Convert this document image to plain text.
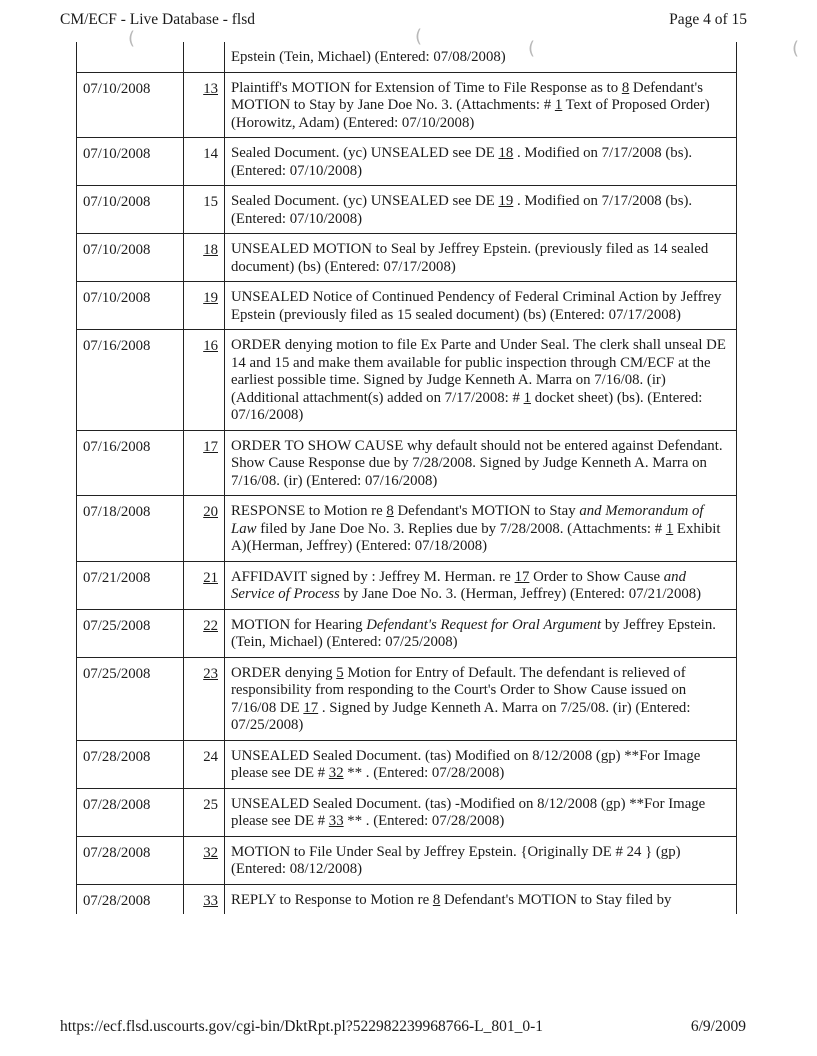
CM/ECF - Live Database - flsd	Page 4 of 15
(	(
(	(
		Epstein (Tein, Michael) (Entered: 07/08/2008)
07/10/2008	13	Plaintiff's MOTION for Extension of Time to File Response as to 8 Defendant's MOTION to Stay by Jane Doe No. 3. (Attachments: # 1 Text of Proposed Order)(Horowitz, Adam) (Entered: 07/10/2008)
07/10/2008	14	Sealed Document. (yc) UNSEALED see DE 18 . Modified on 7/17/2008 (bs). (Entered: 07/10/2008)
07/10/2008	15	Sealed Document. (yc) UNSEALED see DE 19 . Modified on 7/17/2008 (bs). (Entered: 07/10/2008)
07/10/2008	18	UNSEALED MOTION to Seal by Jeffrey Epstein. (previously filed as 14 sealed document) (bs) (Entered: 07/17/2008)
07/10/2008	19	UNSEALED Notice of Continued Pendency of Federal Criminal Action by Jeffrey Epstein (previously filed as 15 sealed document) (bs) (Entered: 07/17/2008)
07/16/2008	16	ORDER denying motion to file Ex Parte and Under Seal. The clerk shall unseal DE 14 and 15 and make them available for public inspection through CM/ECF at the earliest possible time. Signed by Judge Kenneth A. Marra on 7/16/08. (ir) (Additional attachment(s) added on 7/17/2008: # 1 docket sheet) (bs). (Entered: 07/16/2008)
07/16/2008	17	ORDER TO SHOW CAUSE why default should not be entered against Defendant. Show Cause Response due by 7/28/2008. Signed by Judge Kenneth A. Marra on 7/16/08. (ir) (Entered: 07/16/2008)
07/18/2008	20	RESPONSE to Motion re 8 Defendant's MOTION to Stay and Memorandum of Law filed by Jane Doe No. 3. Replies due by 7/28/2008. (Attachments: # 1 Exhibit A)(Herman, Jeffrey) (Entered: 07/18/2008)
07/21/2008	21	AFFIDAVIT signed by : Jeffrey M. Herman. re 17 Order to Show Cause and Service of Process by Jane Doe No. 3. (Herman, Jeffrey) (Entered: 07/21/2008)
07/25/2008	22	MOTION for Hearing Defendant's Request for Oral Argument by Jeffrey Epstein. (Tein, Michael) (Entered: 07/25/2008)
07/25/2008	23	ORDER denying 5 Motion for Entry of Default. The defendant is relieved of responsibility from responding to the Court's Order to Show Cause issued on 7/16/08 DE 17 . Signed by Judge Kenneth A. Marra on 7/25/08. (ir) (Entered: 07/25/2008)
07/28/2008	24	UNSEALED Sealed Document. (tas) Modified on 8/12/2008 (gp) **For Image please see DE # 32 ** . (Entered: 07/28/2008)
07/28/2008	25	UNSEALED Sealed Document. (tas) -Modified on 8/12/2008 (gp) **For Image please see DE # 33 ** . (Entered: 07/28/2008)
07/28/2008	32	MOTION to File Under Seal by Jeffrey Epstein. {Originally DE # 24 } (gp) (Entered: 08/12/2008)
07/28/2008	33	REPLY to Response to Motion re 8 Defendant's MOTION to Stay filed by
https://ecf.flsd.uscourts.gov/cgi-bin/DktRpt.pl?522982239968766-L_801_0-1	6/9/2009
